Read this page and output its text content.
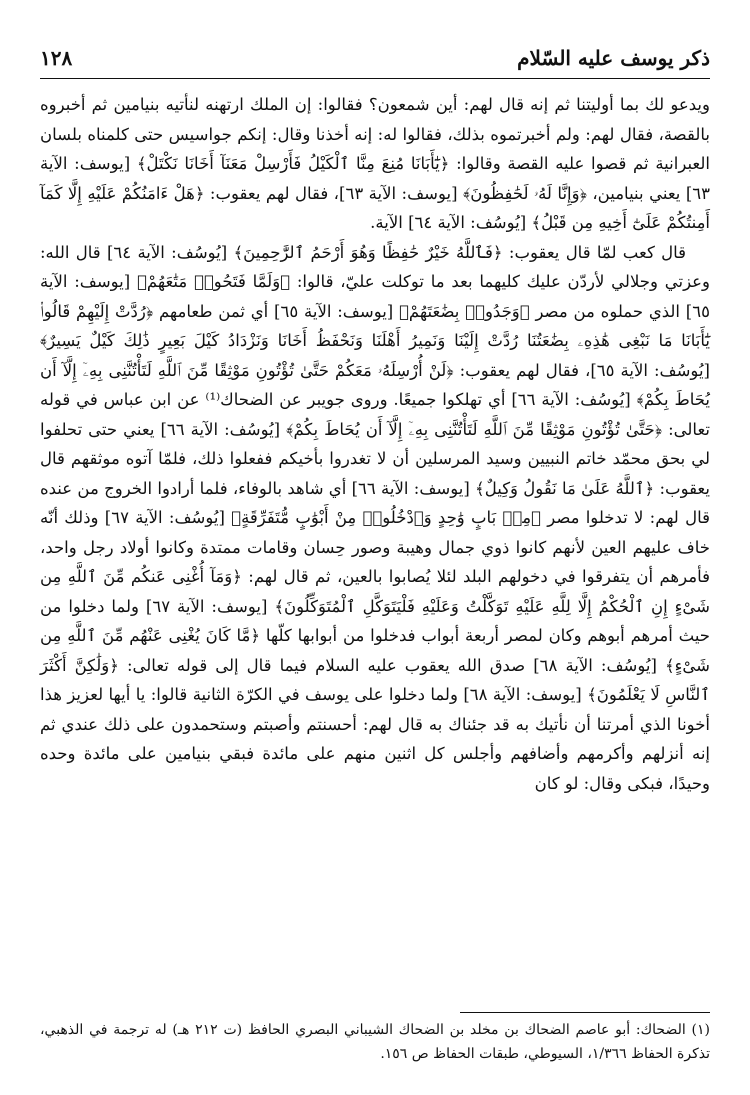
ذكر يوسف عليه السّلام
١٢٨

ويدعو لك بما أوليتنا ثم إنه قال لهم: أين شمعون؟ فقالوا: إن الملك ارتهنه لنأتيه بنيامين ثم أخبروه بالقصة، فقال لهم: ولم أخبرتموه بذلك، فقالوا له: إنه أخذنا وقال: إنكم جواسيس حتى كلمناه بلسان العبرانية ثم قصوا عليه القصة وقالوا: ﴿يَٰٓأَبَانَا مُنِعَ مِنَّا ٱلْكَيْلُ فَأَرْسِلْ مَعَنَآ أَخَانَا نَكْتَلْ﴾ [يوسف: الآية ٦٣] يعني بنيامين، ﴿وَإِنَّا لَهُۥ لَحَٰفِظُونَ﴾ [يوسف: الآية ٦٣]، فقال لهم يعقوب: ﴿هَلْ ءَامَنُكُمْ عَلَيْهِ إِلَّا كَمَآ أَمِنتُكُمْ عَلَىٰٓ أَخِيهِ مِن قَبْلُ﴾ [يُوسُف: الآية ٦٤] الآية.

قال كعب لمّا قال يعقوب: ﴿فَٱللَّهُ خَيْرٌ حَٰفِظًا وَهُوَ أَرْحَمُ ٱلرَّٰحِمِينَ﴾ [يُوسُف: الآية ٦٤] قال الله: وعزتي وجلالي لأردّن عليك كليهما بعد ما توكلت عليّ، قالوا: ﴿وَلَمَّا فَتَحُوا۟ مَتَٰعَهُمْ﴾ [يوسف: الآية ٦٥] الذي حملوه من مصر ﴿وَجَدُوا۟ بِضَٰعَتَهُمْ﴾ [يوسف: الآية ٦٥] أي ثمن طعامهم ﴿رُدَّتْ إِلَيْهِمْ قَالُوا۟ يَٰٓأَبَانَا مَا نَبْغِى هَٰذِهِۦ بِضَٰعَتُنَا رُدَّتْ إِلَيْنَا وَنَمِيرُ أَهْلَنَا وَنَحْفَظُ أَخَانَا وَنَزْدَادُ كَيْلَ بَعِيرٍ ذَٰلِكَ كَيْلٌ يَسِيرٌ﴾ [يُوسُف: الآية ٦٥]، فقال لهم يعقوب: ﴿لَنْ أُرْسِلَهُۥ مَعَكُمْ حَتَّىٰ تُؤْتُونِ مَوْثِقًا مِّنَ ٱللَّهِ لَتَأْتُنَّنِى بِهِۦٓ إِلَّآ أَن يُحَاطَ بِكُمْ﴾ [يُوسُف: الآية ٦٦] أي تهلكوا جميعًا. وروى جويبر عن الضحاك⁽¹⁾ عن ابن عباس في قوله تعالى: ﴿حَتَّىٰ تُؤْتُونِ مَوْثِقًا مِّنَ ٱللَّهِ لَتَأْتُنَّنِى بِهِۦٓ إِلَّآ أَن يُحَاطَ بِكُمْ﴾ [يُوسُف: الآية ٦٦] يعني حتى تحلفوا لي بحق محمّد خاتم النبيين وسيد المرسلين أن لا تغدروا بأخيكم ففعلوا ذلك، فلمّا آتوه موثقهم قال يعقوب: ﴿ٱللَّهُ عَلَىٰ مَا نَقُولُ وَكِيلٌ﴾ [يوسف: الآية ٦٦] أي شاهد بالوفاء، فلما أرادوا الخروج من عنده قال لهم: لا تدخلوا مصر ﴿مِنۢ بَابٍ وَٰحِدٍ وَٱدْخُلُوا۟ مِنْ أَبْوَٰبٍ مُّتَفَرِّقَةٍ﴾ [يُوسُف: الآية ٦٧] وذلك أنّه خاف عليهم العين لأنهم كانوا ذوي جمال وهيبة وصور حِسان وقامات ممتدة وكانوا أولاد رجل واحد، فأمرهم أن يتفرقوا في دخولهم البلد لئلا يُصابوا بالعين، ثم قال لهم: ﴿وَمَآ أُغْنِى عَنكُم مِّنَ ٱللَّهِ مِن شَىْءٍ إِنِ ٱلْحُكْمُ إِلَّا لِلَّهِ عَلَيْهِ تَوَكَّلْتُ وَعَلَيْهِ فَلْيَتَوَكَّلِ ٱلْمُتَوَكِّلُونَ﴾ [يوسف: الآية ٦٧] ولما دخلوا من حيث أمرهم أبوهم وكان لمصر أربعة أبواب فدخلوا من أبوابها كلّها ﴿مَّا كَانَ يُغْنِى عَنْهُم مِّنَ ٱللَّهِ مِن شَىْءٍ﴾ [يُوسُف: الآية ٦٨] صدق الله يعقوب عليه السلام فيما قال إلى قوله تعالى: ﴿وَلَٰكِنَّ أَكْثَرَ ٱلنَّاسِ لَا يَعْلَمُونَ﴾ [يوسف: الآية ٦٨] ولما دخلوا على يوسف في الكرّة الثانية قالوا: يا أيها لعزيز هذا أخونا الذي أمرتنا أن نأتيك به قد جئناك به قال لهم: أحسنتم وأصبتم وستحمدون على ذلك عندي ثم إنه أنزلهم وأكرمهم وأضافهم وأجلس كل اثنين منهم على مائدة فبقي بنيامين على مائدة وحده وحيدًا، فبكى وقال: لو كان

(١) الضحاك: أبو عاصم الضحاك بن مخلد بن الضحاك الشيباني البصري الحافظ (ت ٢١٢ هـ) له ترجمة في الذهبي، تذكرة الحفاظ ١/٣٦٦، السيوطي، طبقات الحفاظ ص ١٥٦.
